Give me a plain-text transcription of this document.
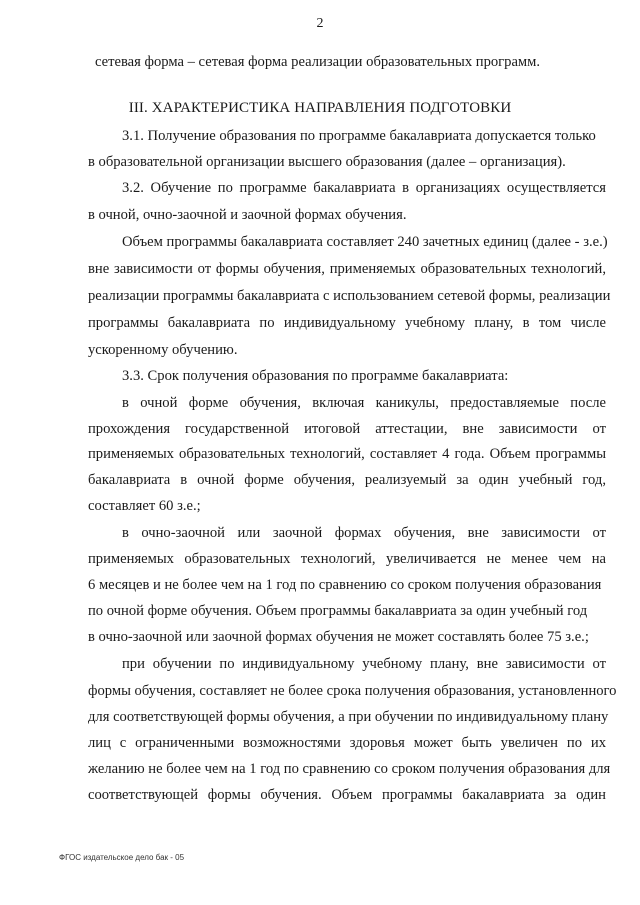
2
сетевая форма – сетевая форма реализации образовательных программ.
III. ХАРАКТЕРИСТИКА НАПРАВЛЕНИЯ ПОДГОТОВКИ
3.1. Получение образования по программе бакалавриата допускается только
в образовательной организации высшего образования (далее – организация).
3.2. Обучение по программе бакалавриата в организациях осуществляется
в очной, очно-заочной и заочной формах обучения.
Объем программы бакалавриата составляет 240 зачетных единиц (далее - з.е.)
вне зависимости от формы обучения, применяемых образовательных технологий,
реализации программы бакалавриата с использованием сетевой формы, реализации
программы бакалавриата по индивидуальному учебному плану, в том числе
ускоренному обучению.
3.3. Срок получения образования по программе бакалавриата:
в очной форме обучения, включая каникулы, предоставляемые после
прохождения государственной итоговой аттестации, вне зависимости от
применяемых образовательных технологий, составляет 4 года. Объем программы
бакалавриата в очной форме обучения, реализуемый за один учебный год,
составляет 60 з.е.;
в очно-заочной или заочной формах обучения, вне зависимости от
применяемых образовательных технологий, увеличивается не менее чем на
6 месяцев и не более чем на 1 год по сравнению со сроком получения образования
по очной форме обучения. Объем программы бакалавриата за один учебный год
в очно-заочной или заочной формах обучения не может составлять более 75 з.е.;
при обучении по индивидуальному учебному плану, вне зависимости от
формы обучения, составляет не более срока получения образования, установленного
для соответствующей формы обучения, а при обучении по индивидуальному плану
лиц с ограниченными возможностями здоровья может быть увеличен по их
желанию не более чем на 1 год по сравнению со сроком получения образования для
соответствующей формы обучения. Объем программы бакалавриата за один
ФГОС издательское дело бак - 05
